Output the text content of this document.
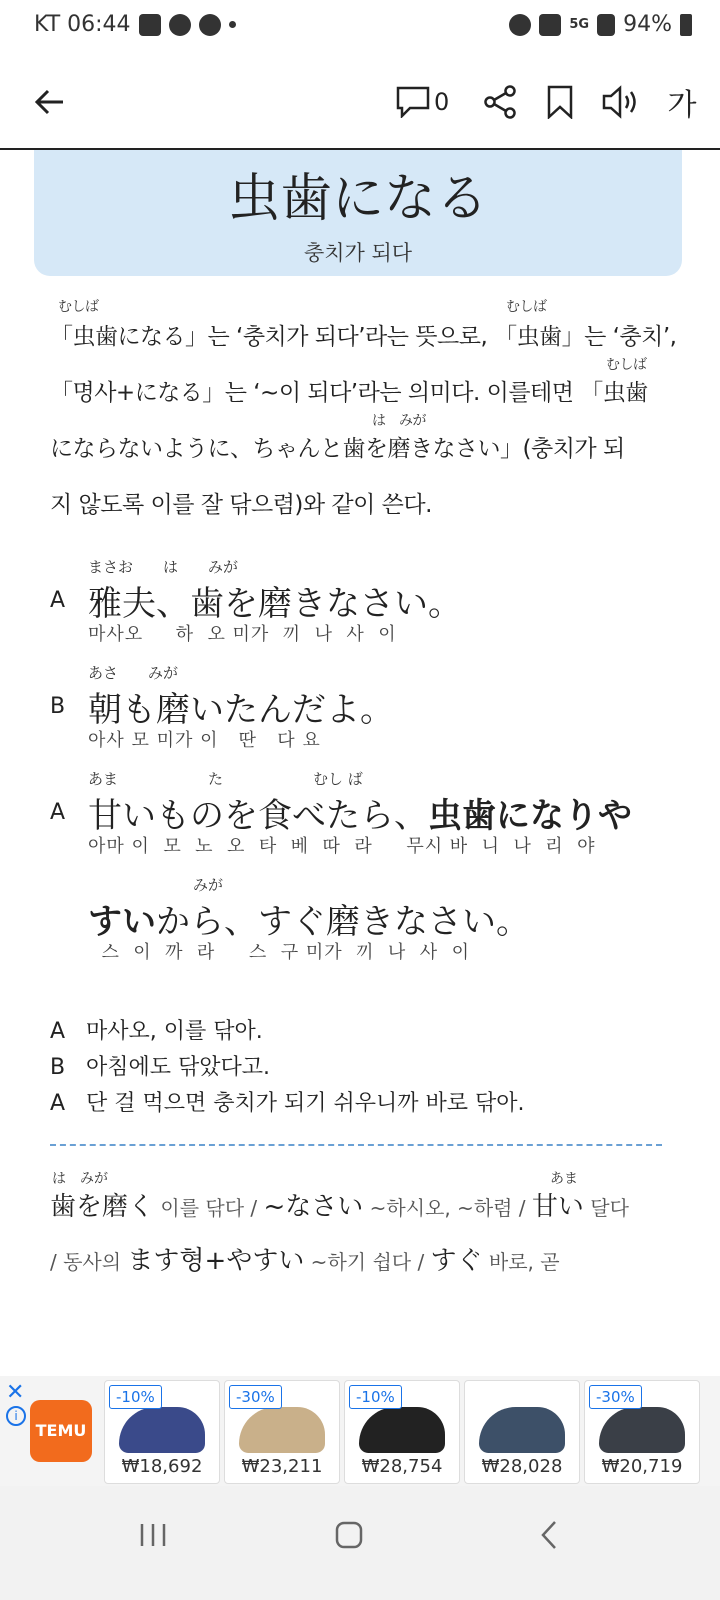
KT 06:44	5G 94%
0	가
虫歯になる
충치가 되다
むしば	むしば
「虫歯になる」는 ‘충치가 되다’라는 뜻으로, 「虫歯」는 ‘충치’,
むしば
「명사+になる」는 ‘~이 되다’라는 의미다. 이를테면 「虫歯
は　みが
にならないように、ちゃんと歯を磨きなさい」(충치가 되
지 않도록 이를 잘 닦으렴)와 같이 쓴다.
まさお　　は　　みが
A 雅夫、歯を磨きなさい。
마사오　  하  오 미가  끼  나  사  이
あさ　　みが
B 朝も磨いたんだよ。
아사 모 미가 이   딴   다 요
あま　　　　　　た　　　　　　むし ば
A 甘いものを食べたら、虫歯になりや
아마 이  모  노  오  타  베  따  라     무시 바  니  나  리  야
　　　　　　　みが
すいから、すぐ磨きなさい。
스  이  까  라     스  구 미가  끼  나  사  이
A 마사오, 이를 닦아.
B 아침에도 닦았다고.
A 단 걸 먹으면 충치가 되기 쉬우니까 바로 닦아.
は　みが	あま
歯を磨く 이를 닦다 / ~なさい ~하시오, ~하렴 / 甘い 달다
/ 동사의 ます형+やすい ~하기 쉽다 / すぐ 바로, 곧
✕
i
TEMU
-10%
₩18,692
-30%
₩23,211
-10%
₩28,754	₩28,028
-30%
₩20,719
